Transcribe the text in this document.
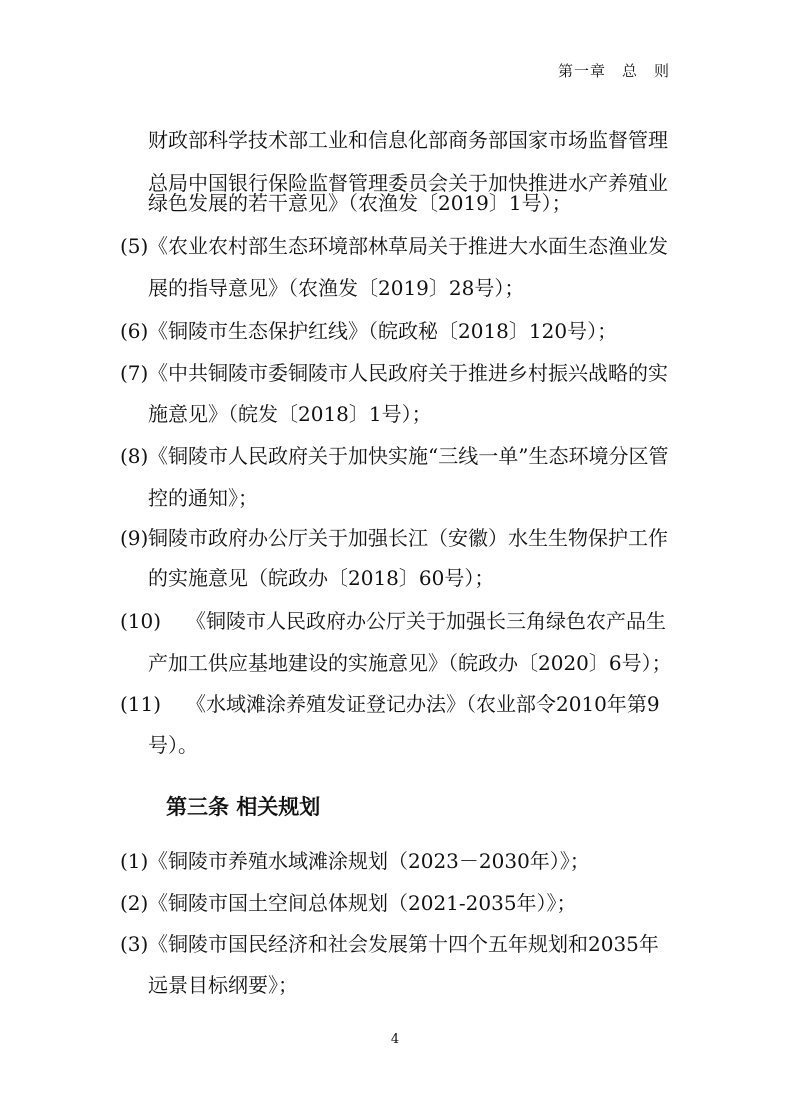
第一章　总　则
财政部科学技术部工业和信息化部商务部国家市场监督管理
总局中国银行保险监督管理委员会关于加快推进水产养殖业
绿色发展的若干意见》（农渔发〔2019〕1号）；
(5) 《农业农村部生态环境部林草局关于推进大水面生态渔业发
展的指导意见》（农渔发〔2019〕28号）；
(6) 《铜陵市生态保护红线》（皖政秘〔2018〕120号）；
(7) 《中共铜陵市委铜陵市人民政府关于推进乡村振兴战略的实
施意见》（皖发〔2018〕1号）；
(8) 《铜陵市人民政府关于加快实施“三线一单”生态环境分区管
控的通知》；
(9) 铜陵市政府办公厅关于加强长江（安徽）水生生物保护工作
的实施意见（皖政办〔2018〕60号）；
(10) 《铜陵市人民政府办公厅关于加强长三角绿色农产品生
产加工供应基地建设的实施意见》（皖政办〔2020〕6号）；
(11) 《水域滩涂养殖发证登记办法》（农业部令2010年第9
号）。
第三条 相关规划
(1) 《铜陵市养殖水域滩涂规划（2023－2030年）》；
(2) 《铜陵市国土空间总体规划（2021-2035年）》；
(3) 《铜陵市国民经济和社会发展第十四个五年规划和2035年
远景目标纲要》；
4
